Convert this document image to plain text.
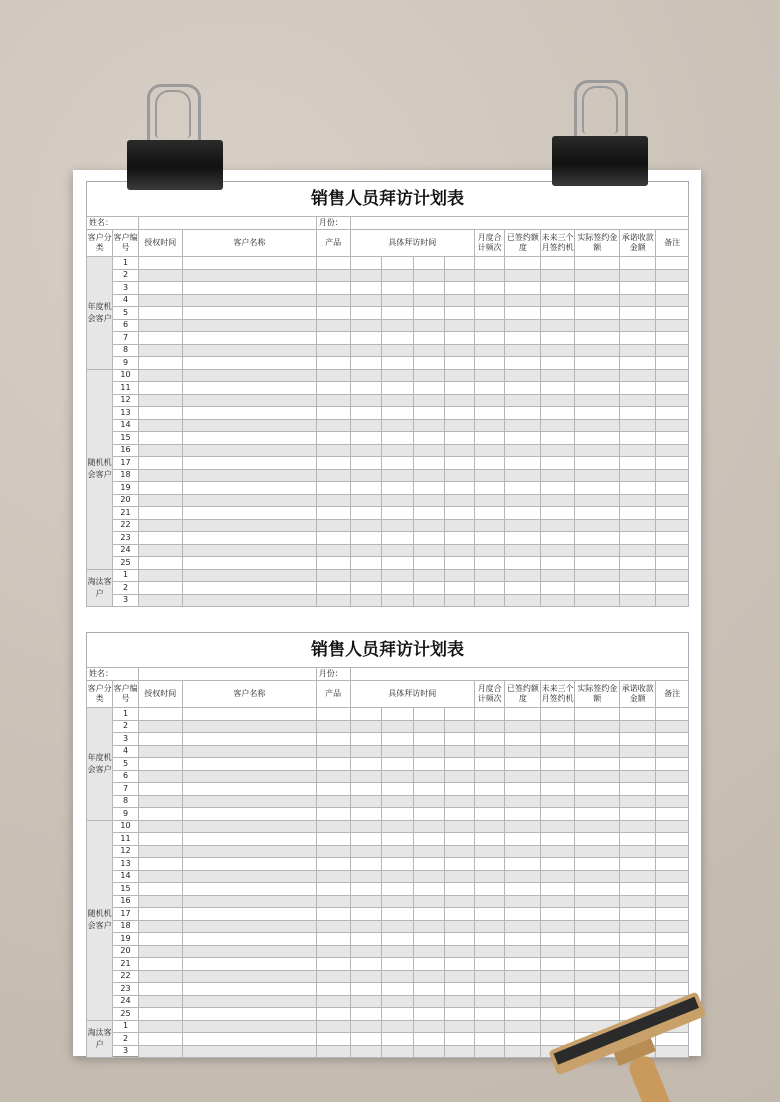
销售人员拜访计划表
姓名：				月份：										
客户分类	客户编号	授权时间	客户名称	产品	具体拜访时间				月度合计频次	已签约额度	未来三个月签约机	实际签约金额	承诺收款金额	备注
年度机会客户	1													
	2													
	3													
	4													
	5													
	6													
	7													
	8													
	9													
随机机会客户	10													
	11													
	12													
	13													
	14													
	15													
	16													
	17													
	18													
	19													
	20													
	21													
	22													
	23													
	24													
	25													
淘汰客户	1													
	2													
	3													
销售人员拜访计划表
姓名：				月份：										
客户分类	客户编号	授权时间	客户名称	产品	具体拜访时间				月度合计频次	已签约额度	未来三个月签约机	实际签约金额	承诺收款金额	备注
年度机会客户	1													
	2													
	3													
	4													
	5													
	6													
	7													
	8													
	9													
随机机会客户	10													
	11													
	12													
	13													
	14													
	15													
	16													
	17													
	18													
	19													
	20													
	21													
	22													
	23													
	24													
	25													
淘汰客户	1													
	2													
	3													
